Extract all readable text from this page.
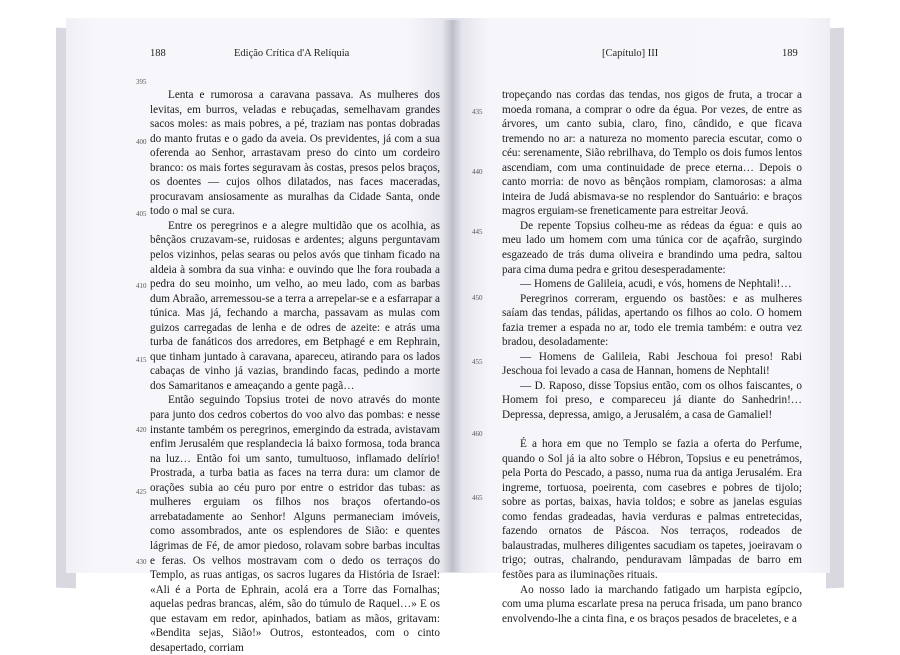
188	Edição Crítica d'A Relíquia
395
400
405
410
415
420
425
430

Lenta e rumorosa a caravana passava. As mulheres dos levitas, em burros, veladas e rebuçadas, semelhavam grandes sacos moles: as mais pobres, a pé, traziam nas pontas dobradas do manto frutas e o gado da aveia. Os previdentes, já com a sua oferenda ao Senhor, arrastavam preso do cinto um cordeiro branco: os mais fortes seguravam às costas, presos pelos braços, os doentes — cujos olhos dilatados, nas faces maceradas, procuravam ansiosamente as muralhas da Cidade Santa, onde todo o mal se cura.

Entre os peregrinos e a alegre multidão que os acolhia, as bênçãos cruzavam-se, ruidosas e ardentes; alguns perguntavam pelos vizinhos, pelas searas ou pelos avós que tinham ficado na aldeia à sombra da sua vinha: e ouvindo que lhe fora roubada a pedra do seu moinho, um velho, ao meu lado, com as barbas dum Abraão, arremessou-se a terra a arrepelar-se e a esfarrapar a túnica. Mas já, fechando a marcha, passavam as mulas com guizos carregadas de lenha e de odres de azeite: e atrás uma turba de fanáticos dos arredores, em Betphagé e em Rephrain, que tinham juntado à caravana, apareceu, atirando para os lados cabaças de vinho já vazias, brandindo facas, pedindo a morte dos Samaritanos e ameaçando a gente pagã…

Então seguindo Topsius trotei de novo através do monte para junto dos cedros cobertos do voo alvo das pombas: e nesse instante também os peregrinos, emergindo da estrada, avistavam enfim Jerusalém que resplandecia lá baixo formosa, toda branca na luz… Então foi um santo, tumultuoso, inflamado delírio! Prostrada, a turba batia as faces na terra dura: um clamor de orações subia ao céu puro por entre o estridor das tubas: as mulheres erguiam os filhos nos braços ofertando-os arrebatadamente ao Senhor! Alguns permaneciam imóveis, como assombrados, ante os esplendores de Sião: e quentes lágrimas de Fé, de amor piedoso, rolavam sobre barbas incultas e feras. Os velhos mostravam com o dedo os terraços do Templo, as ruas antigas, os sacros lugares da História de Israel: «Ali é a Porta de Ephrain, acolá era a Torre das Fornalhas; aquelas pedras brancas, além, são do túmulo de Raquel…» E os que estavam em redor, apinhados, batiam as mãos, gritavam: «Bendita sejas, Sião!» Outros, estonteados, com o cinto desapertado, corriam

[Capítulo] III	189
435
440
445
450
455
460
465

tropeçando nas cordas das tendas, nos gigos de fruta, a trocar a moeda romana, a comprar o odre da égua. Por vezes, de entre as árvores, um canto subia, claro, fino, cândido, e que ficava tremendo no ar: a natureza no momento parecia escutar, como o céu: serenamente, Sião rebrilhava, do Templo os dois fumos lentos ascendiam, com uma continuidade de prece eterna… Depois o canto morria: de novo as bênçãos rompiam, clamorosas: a alma inteira de Judá abismava-se no resplendor do Santuário: e braços magros erguiam-se freneticamente para estreitar Jeová.

De repente Topsius colheu-me as rédeas da égua: e quis ao meu lado um homem com uma túnica cor de açafrão, surgindo esgazeado de trás duma oliveira e brandindo uma pedra, saltou para cima duma pedra e gritou desesperadamente:

— Homens de Galileia, acudi, e vós, homens de Nephtali!…

Peregrinos correram, erguendo os bastões: e as mulheres saíam das tendas, pálidas, apertando os filhos ao colo. O homem fazia tremer a espada no ar, todo ele tremia também: e outra vez bradou, desoladamente:

— Homens de Galileia, Rabi Jeschoua foi preso! Rabi Jeschoua foi levado a casa de Hannan, homens de Nephtali!

— D. Raposo, disse Topsius então, com os olhos faiscantes, o Homem foi preso, e compareceu já diante do Sanhedrin!… Depressa, depressa, amigo, a Jerusalém, a casa de Gamaliel!

É a hora em que no Templo se fazia a oferta do Perfume, quando o Sol já ia alto sobre o Hébron, Topsius e eu penetrámos, pela Porta do Pescado, a passo, numa rua da antiga Jerusalém. Era ingreme, tortuosa, poeirenta, com casebres e pobres de tijolo; sobre as portas, baixas, havia toldos; e sobre as janelas esguias como fendas gradeadas, havia verduras e palmas entretecidas, fazendo ornatos de Páscoa. Nos terraços, rodeados de balaustradas, mulheres diligentes sacudiam os tapetes, joeiravam o trigo; outras, chalrando, penduravam lâmpadas de barro em festões para as iluminações rituais.

Ao nosso lado ia marchando fatigado um harpista egípcio, com uma pluma escarlate presa na peruca frisada, um pano branco envolvendo-lhe a cinta fina, e os braços pesados de braceletes, e a
